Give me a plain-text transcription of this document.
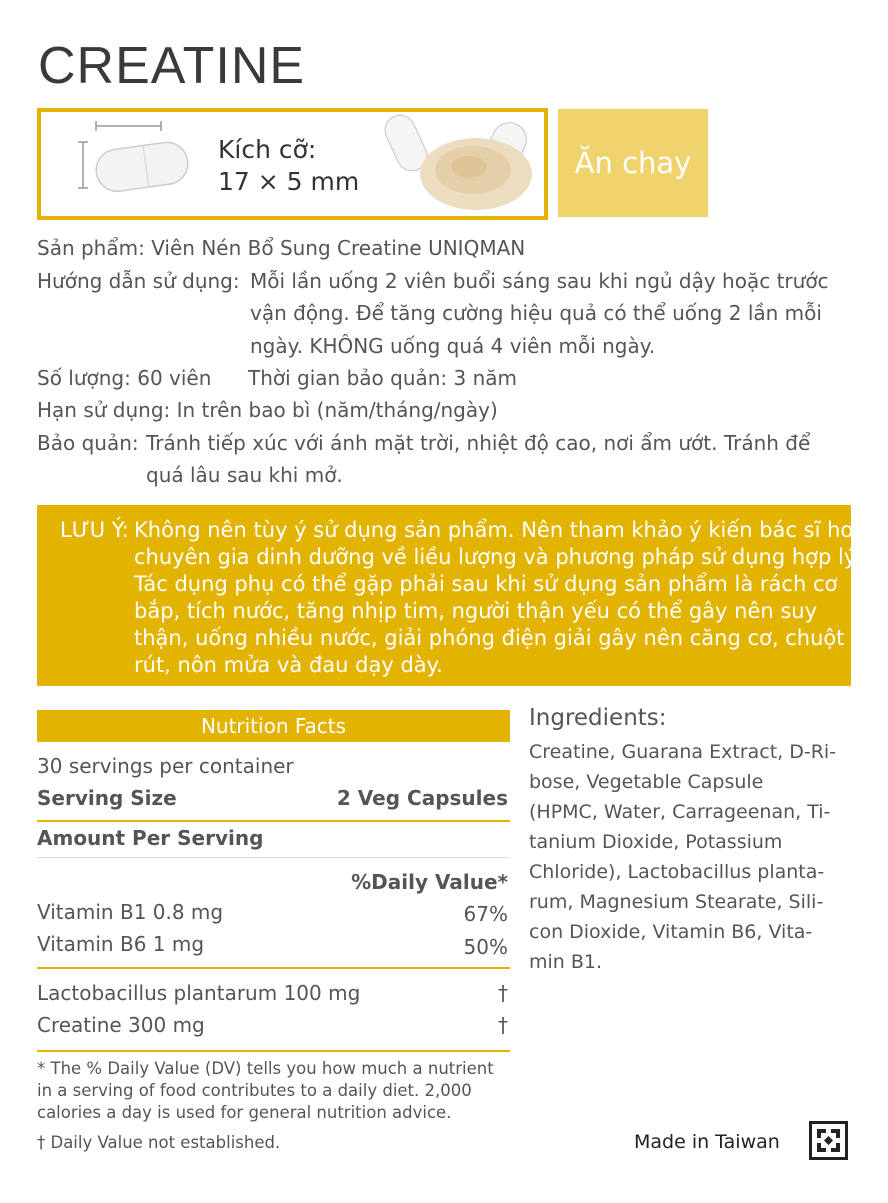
CREATINE
Kích cỡ:
17 × 5 mm
Ăn chay
Sản phẩm: Viên Nén Bổ Sung Creatine UNIQMAN
Hướng dẫn sử dụng: Mỗi lần uống 2 viên buổi sáng sau khi ngủ dậy hoặc trước
vận động. Để tăng cường hiệu quả có thể uống 2 lần mỗi
ngày. KHÔNG uống quá 4 viên mỗi ngày.
Số lượng: 60 viên Thời gian bảo quản: 3 năm
Hạn sử dụng: In trên bao bì (năm/tháng/ngày)
Bảo quản: Tránh tiếp xúc với ánh mặt trời, nhiệt độ cao, nơi ẩm ướt. Tránh để
quá lâu sau khi mở.
LƯU Ý: Không nên tùy ý sử dụng sản phẩm. Nên tham khảo ý kiến bác sĩ hoặc
chuyên gia dinh dưỡng về liều lượng và phương pháp sử dụng hợp lý.
Tác dụng phụ có thể gặp phải sau khi sử dụng sản phẩm là rách cơ
bắp, tích nước, tăng nhịp tim, người thận yếu có thể gây nên suy
thận, uống nhiều nước, giải phóng điện giải gây nên căng cơ, chuột
rút, nôn mửa và đau dạy dày.
Nutrition Facts
30 servings per container
Serving Size	2 Veg Capsules
Amount Per Serving
%Daily Value*
Vitamin B1 0.8 mg	67%
Vitamin B6 1 mg	50%
Lactobacillus plantarum 100 mg	†
Creatine 300 mg	†
* The % Daily Value (DV) tells you how much a nutrient
in a serving of food contributes to a daily diet. 2,000
calories a day is used for general nutrition advice.
† Daily Value not established.
Ingredients:
Creatine, Guarana Extract, D-Ri-
bose, Vegetable Capsule
(HPMC, Water, Carrageenan, Ti-
tanium Dioxide, Potassium
Chloride), Lactobacillus planta-
rum, Magnesium Stearate, Sili-
con Dioxide, Vitamin B6, Vita-
min B1.
Made in Taiwan
